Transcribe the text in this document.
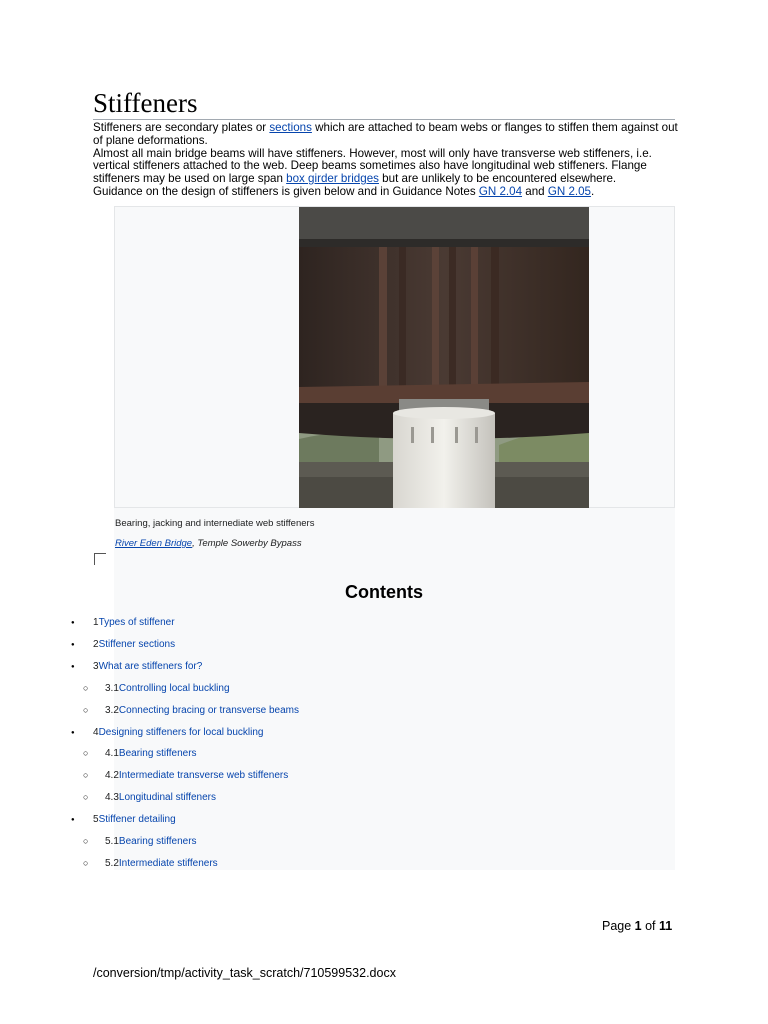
Stiffeners

Stiffeners are secondary plates or sections which are attached to beam webs or flanges to stiffen them against out of plane deformations.

Almost all main bridge beams will have stiffeners. However, most will only have transverse web stiffeners, i.e. vertical stiffeners attached to the web. Deep beams sometimes also have longitudinal web stiffeners. Flange

stiffeners may be used on large span box girder bridges but are unlikely to be encountered elsewhere.

Guidance on the design of stiffeners is given below and in Guidance Notes GN 2.04 and GN 2.05.

Bearing, jacking and internediate web stiffeners
River Eden Bridge, Temple Sowerby Bypass
Contents
● 1Types of stiffener
● 2Stiffener sections
● 3What are stiffeners for?
○ 3.1Controlling local buckling
○ 3.2Connecting bracing or transverse beams
● 4Designing stiffeners for local buckling
○ 4.1Bearing stiffeners
○ 4.2Intermediate transverse web stiffeners
○ 4.3Longitudinal stiffeners
● 5Stiffener detailing
○ 5.1Bearing stiffeners
○ 5.2Intermediate stiffeners
Page 1 of 11
/conversion/tmp/activity_task_scratch/710599532.docx
